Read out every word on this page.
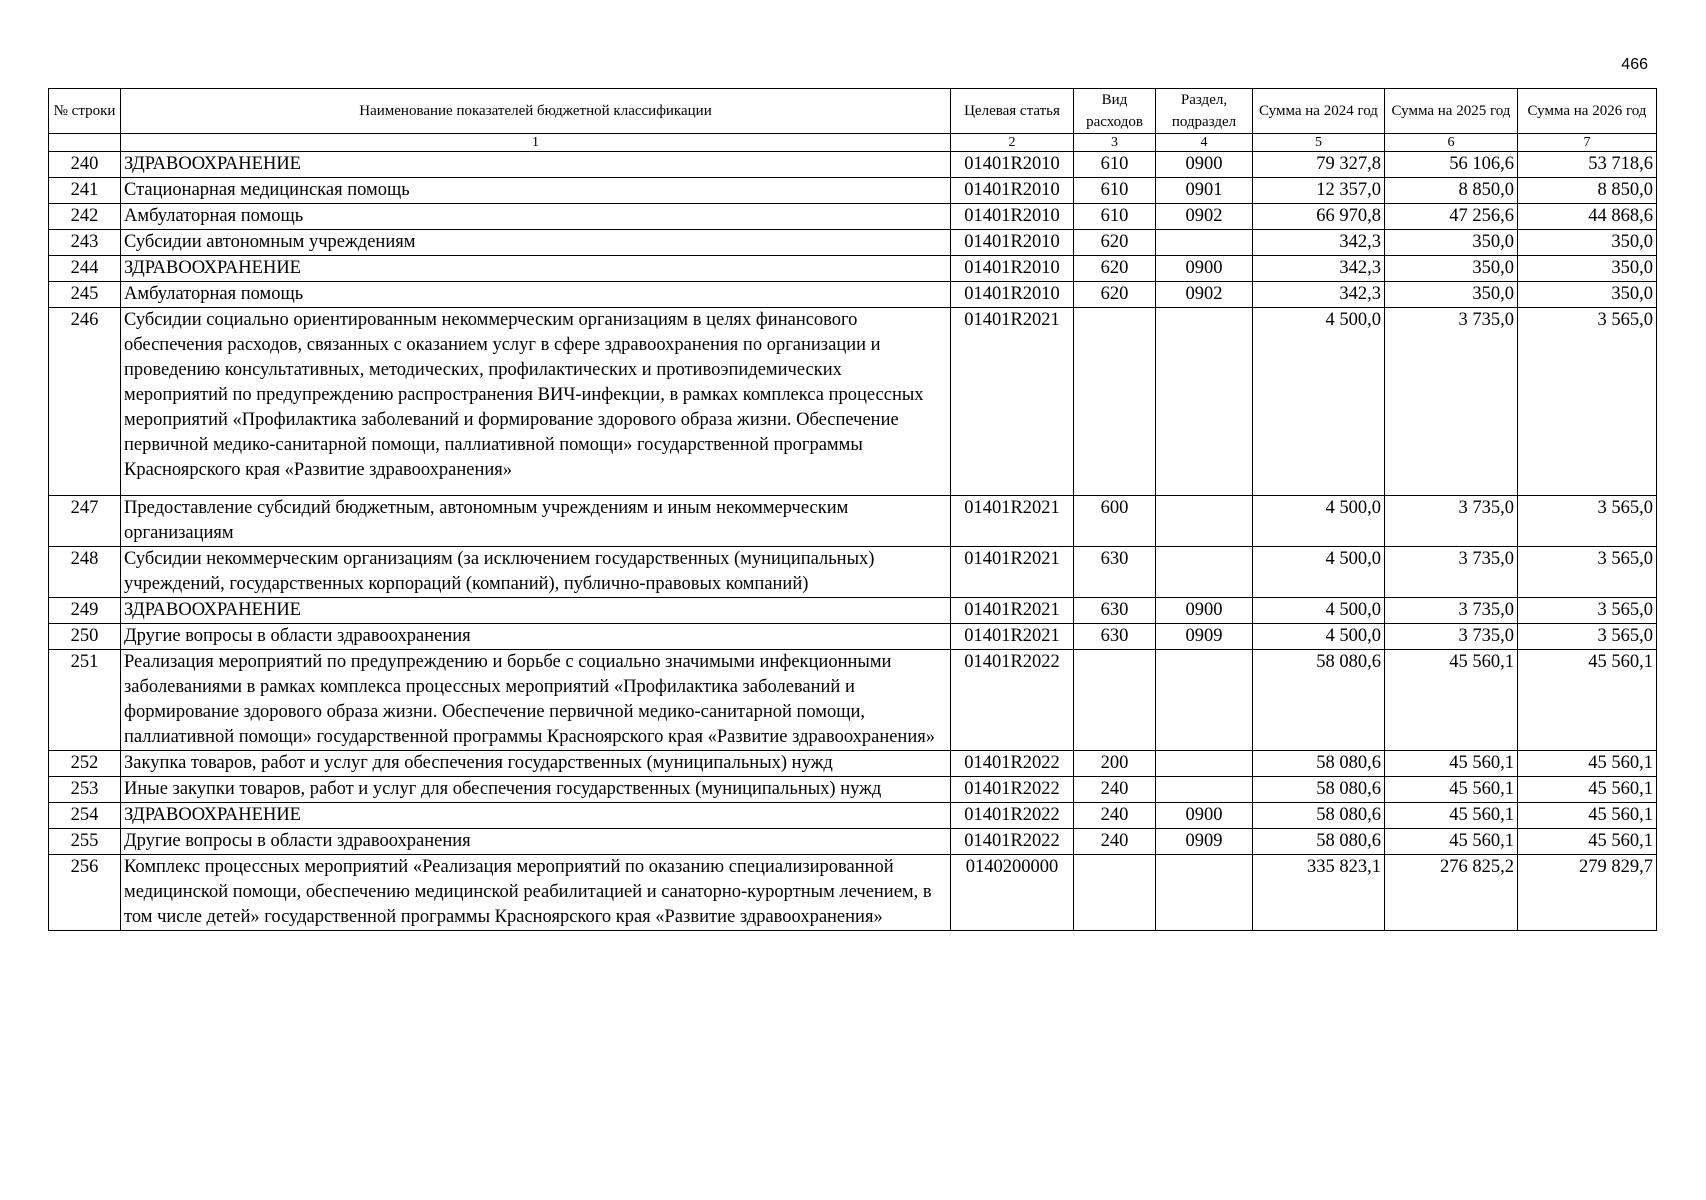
466
№ строки	Наименование показателей бюджетной классификации	Целевая статья	Вид расходов	Раздел, подраздел	Сумма на 2024 год	Сумма на 2025 год	Сумма на 2026 год
	1	2	3	4	5	6	7
240	ЗДРАВООХРАНЕНИЕ	01401R2010	610	0900	79 327,8	56 106,6	53 718,6
241	Стационарная медицинская помощь	01401R2010	610	0901	12 357,0	8 850,0	8 850,0
242	Амбулаторная помощь	01401R2010	610	0902	66 970,8	47 256,6	44 868,6
243	Субсидии автономным учреждениям	01401R2010	620		342,3	350,0	350,0
244	ЗДРАВООХРАНЕНИЕ	01401R2010	620	0900	342,3	350,0	350,0
245	Амбулаторная помощь	01401R2010	620	0902	342,3	350,0	350,0
246	Субсидии социально ориентированным некоммерческим организациям в целях финансового обеспечения расходов, связанных с оказанием услуг в сфере здравоохранения по организации и проведению консультативных, методических, профилактических и противоэпидемических мероприятий по предупреждению распространения ВИЧ-инфекции, в рамках комплекса процессных мероприятий «Профилактика заболеваний и формирование здорового образа жизни. Обеспечение первичной медико-санитарной помощи, паллиативной помощи» государственной программы Красноярского края «Развитие здравоохранения»	01401R2021			4 500,0	3 735,0	3 565,0
247	Предоставление субсидий бюджетным, автономным учреждениям и иным некоммерческим организациям	01401R2021	600		4 500,0	3 735,0	3 565,0
248	Субсидии некоммерческим организациям (за исключением государственных (муниципальных) учреждений, государственных корпораций (компаний), публично-правовых компаний)	01401R2021	630		4 500,0	3 735,0	3 565,0
249	ЗДРАВООХРАНЕНИЕ	01401R2021	630	0900	4 500,0	3 735,0	3 565,0
250	Другие вопросы в области здравоохранения	01401R2021	630	0909	4 500,0	3 735,0	3 565,0
251	Реализация мероприятий по предупреждению и борьбе с социально значимыми инфекционными заболеваниями в рамках комплекса процессных мероприятий «Профилактика заболеваний и формирование здорового образа жизни. Обеспечение первичной медико-санитарной помощи, паллиативной помощи» государственной программы Красноярского края «Развитие здравоохранения»	01401R2022			58 080,6	45 560,1	45 560,1
252	Закупка товаров, работ и услуг для обеспечения государственных (муниципальных) нужд	01401R2022	200		58 080,6	45 560,1	45 560,1
253	Иные закупки товаров, работ и услуг для обеспечения государственных (муниципальных) нужд	01401R2022	240		58 080,6	45 560,1	45 560,1
254	ЗДРАВООХРАНЕНИЕ	01401R2022	240	0900	58 080,6	45 560,1	45 560,1
255	Другие вопросы в области здравоохранения	01401R2022	240	0909	58 080,6	45 560,1	45 560,1
256	Комплекс процессных мероприятий «Реализация мероприятий по оказанию специализированной медицинской помощи, обеспечению медицинской реабилитацией и санаторно-курортным лечением, в том числе детей» государственной программы Красноярского края «Развитие здравоохранения»	0140200000			335 823,1	276 825,2	279 829,7
